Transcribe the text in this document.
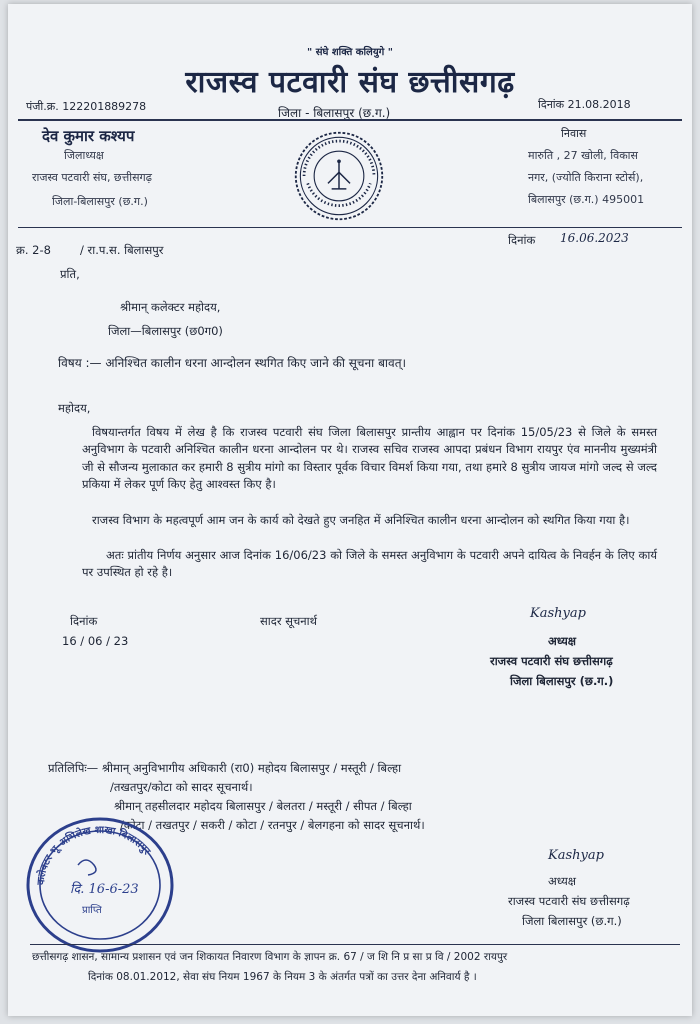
" संघे शक्ति कलियुगे "
राजस्व पटवारी संघ छत्तीसगढ़
पंजी.क्र. 122201889278	जिला - बिलासपुर (छ.ग.)
दिनांक 21.08.2018
देव कुमार कश्यप
जिलाध्यक्ष
राजस्व पटवारी संघ, छत्तीसगढ़
जिला-बिलासपुर (छ.ग.)
निवास
मारुति , 27 खोली, विकास
नगर, (ज्योति किराना स्टोर्स),
बिलासपुर (छ.ग.) 495001
क्र. 2-8	/ रा.प.स. बिलासपुर
दिनांक 16.06.2023
प्रति,
श्रीमान् कलेक्टर महोदय,
जिला—बिलासपुर (छ0ग0)
विषय :— अनिश्चित कालीन धरना आन्दोलन स्थगित किए जाने की सूचना बावत्।
महोदय,
विषयान्तर्गत विषय में लेख है कि राजस्व पटवारी संघ जिला बिलासपुर प्रान्तीय आह्वान पर दिनांक 15/05/23 से जिले के समस्त अनुविभाग के पटवारी अनिश्चित कालीन धरना आन्दोलन पर थे। राजस्व सचिव राजस्व आपदा प्रबंधन विभाग रायपुर एंव माननीय मुख्यमंत्री जी से सौजन्य मुलाकात कर हमारी 8 सुत्रीय मांगो का विस्तार पूर्वक विचार विमर्श किया गया, तथा हमारे 8 सुत्रीय जायज मांगो जल्द से जल्द प्रकिया में लेकर पूर्ण किए हेतु आश्वस्त किए है।
राजस्व विभाग के महत्वपूर्ण आम जन के कार्य को देखते हुए जनहित में अनिश्चित कालीन धरना आन्दोलन को स्थगित किया गया है।
अतः प्रांतीय निर्णय अनुसार आज दिनांक 16/06/23 को जिले के समस्त अनुविभाग के पटवारी अपने दायित्व के निवर्हन के लिए कार्य पर उपस्थित हो रहे है।
दिनांक
16 / 06 / 23
सादर सूचनार्थ	Kashyap
अध्यक्ष
राजस्व पटवारी संघ छत्तीसगढ़
जिला बिलासपुर (छ.ग.)
प्रतिलिपिः— श्रीमान् अनुविभागीय अधिकारी (रा0) महोदय बिलासपुर / मस्तूरी / बिल्हा
/तखतपुर/कोटा को सादर सूचनार्थ।
श्रीमान् तहसीलदार महोदय बिलासपुर / बेलतरा / मस्तूरी / सीपत / बिल्हा
/कोटा / तखतपुर / सकरी / कोटा / रतनपुर / बेलगहना को सादर सूचनार्थ।
Kashyap
अध्यक्ष
राजस्व पटवारी संघ छत्तीसगढ़
जिला बिलासपुर (छ.ग.)
कलेक्टर भू-अभिलेख शाखा बिलासपुर
दि. 16-6-23
प्राप्ति
छत्तीसगढ़ शासन, सामान्य प्रशासन एवं जन शिकायत निवारण विभाग के ज्ञापन क्र. 67 / ज शि नि प्र सा प्र वि / 2002 रायपुर
दिनांक 08.01.2012, सेवा संघ नियम 1967 के नियम 3 के अंतर्गत पत्रों का उत्तर देना अनिवार्य है ।
